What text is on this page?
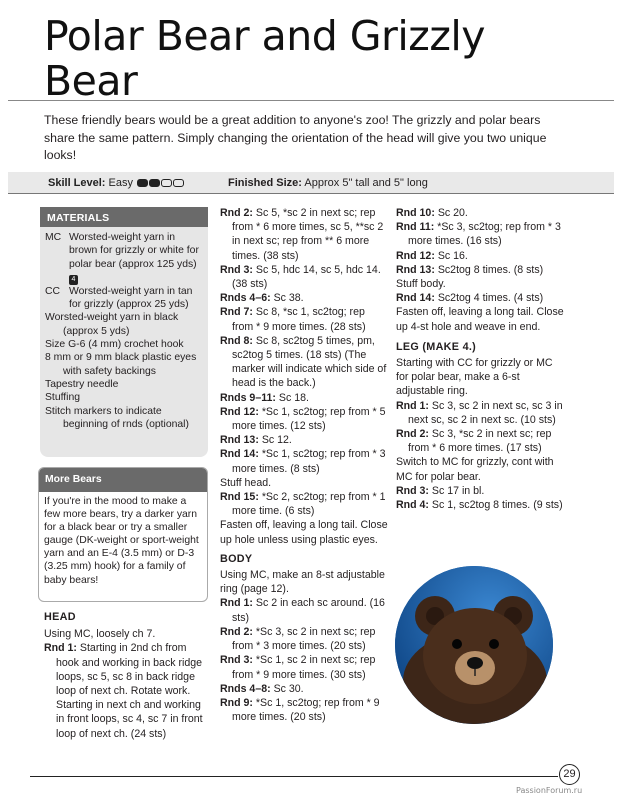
Polar Bear and Grizzly Bear

These friendly bears would be a great addition to anyone's zoo! The grizzly and polar bears share the same pattern. Simply changing the orientation of the head will give you two unique looks!

Skill Level: Easy	Finished Size: Approx 5" tall and 5" long
MATERIALS
MC Worsted-weight yarn in brown for grizzly or white for polar bear (approx 125 yds) 4
CC Worsted-weight yarn in tan for grizzly (approx 25 yds)
Worsted-weight yarn in black (approx 5 yds)
Size G-6 (4 mm) crochet hook
8 mm or 9 mm black plastic eyes with safety backings
Tapestry needle
Stuffing
Stitch markers to indicate beginning of rnds (optional)
More Bears
If you're in the mood to make a few more bears, try a darker yarn for a black bear or try a smaller gauge (DK-weight or sport-weight yarn and an E-4 (3.5 mm) or D-3 (3.25 mm) hook) for a family of baby bears!
HEAD
Using MC, loosely ch 7.
Rnd 1: Starting in 2nd ch from hook and working in back ridge loops, sc 5, sc 8 in back ridge loop of next ch. Rotate work. Starting in next ch and working in front loops, sc 4, sc 7 in front loop of next ch. (24 sts)
Rnd 2: Sc 5, *sc 2 in next sc; rep from * 6 more times, sc 5, **sc 2 in next sc; rep from ** 6 more times. (38 sts)
Rnd 3: Sc 5, hdc 14, sc 5, hdc 14. (38 sts)
Rnds 4–6: Sc 38.
Rnd 7: Sc 8, *sc 1, sc2tog; rep from * 9 more times. (28 sts)
Rnd 8: Sc 8, sc2tog 5 times, pm, sc2tog 5 times. (18 sts) (The marker will indicate which side of head is the back.)
Rnds 9–11: Sc 18.
Rnd 12: *Sc 1, sc2tog; rep from * 5 more times. (12 sts)
Rnd 13: Sc 12.
Rnd 14: *Sc 1, sc2tog; rep from * 3 more times. (8 sts)
Stuff head.
Rnd 15: *Sc 2, sc2tog; rep from * 1 more time. (6 sts)
Fasten off, leaving a long tail. Close up hole unless using plastic eyes.
BODY
Using MC, make an 8-st adjustable ring (page 12).
Rnd 1: Sc 2 in each sc around. (16 sts)
Rnd 2: *Sc 3, sc 2 in next sc; rep from * 3 more times. (20 sts)
Rnd 3: *Sc 1, sc 2 in next sc; rep from * 9 more times. (30 sts)
Rnds 4–8: Sc 30.
Rnd 9: *Sc 1, sc2tog; rep from * 9 more times. (20 sts)
Rnd 10: Sc 20.
Rnd 11: *Sc 3, sc2tog; rep from * 3 more times. (16 sts)
Rnd 12: Sc 16.
Rnd 13: Sc2tog 8 times. (8 sts)
Stuff body.
Rnd 14: Sc2tog 4 times. (4 sts)
Fasten off, leaving a long tail. Close up 4-st hole and weave in end.
LEG (MAKE 4.)
Starting with CC for grizzly or MC for polar bear, make a 6-st adjustable ring.
Rnd 1: Sc 3, sc 2 in next sc, sc 3 in next sc, sc 2 in next sc. (10 sts)
Rnd 2: Sc 3, *sc 2 in next sc; rep from * 6 more times. (17 sts)
Switch to MC for grizzly, cont with MC for polar bear.
Rnd 3: Sc 17 in bl.
Rnd 4: Sc 1, sc2tog 8 times. (9 sts)
29
PassionForum.ru
